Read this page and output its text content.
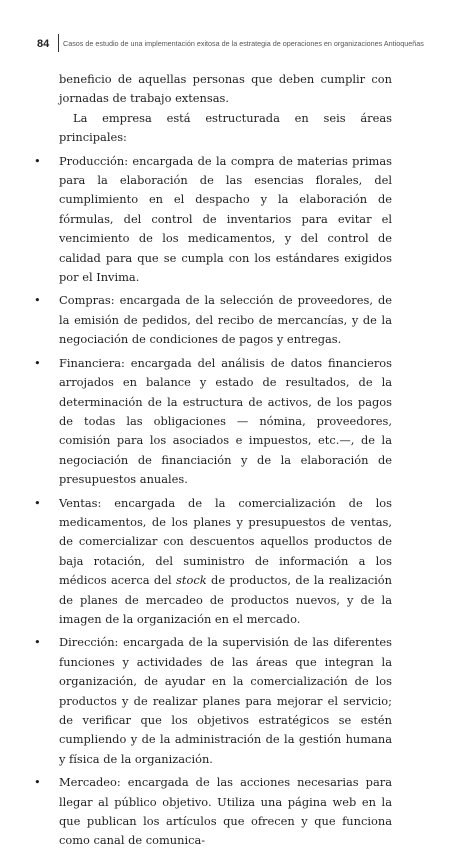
84 Casos de estudio de una implementación exitosa de la estrategia de operaciones en organizaciones Antioqueñas

beneficio de aquellas personas que deben cumplir con jornadas de trabajo extensas.

La empresa está estructurada en seis áreas principales:

• Producción: encargada de la compra de materias primas para la elaboración de las esencias florales, del cumplimiento en el despacho y la elaboración de fórmulas, del control de inventarios para evitar el vencimiento de los medicamentos, y del control de calidad para que se cumpla con los estándares exigidos por el Invima.
• Compras: encargada de la selección de proveedores, de la emisión de pedidos, del recibo de mercancías, y de la negociación de condiciones de pagos y entregas.
• Financiera: encargada del análisis de datos financieros arrojados en balance y estado de resultados, de la determinación de la estructura de activos, de los pagos de todas las obligaciones — nómina, proveedores, comisión para los asociados e impuestos, etc.—, de la negociación de financiación y de la elaboración de presupuestos anuales.
• Ventas: encargada de la comercialización de los medicamentos, de los planes y presupuestos de ventas, de comercializar con descuentos aquellos productos de baja rotación, del suministro de información a los médicos acerca del stock de productos, de la realización de planes de mercadeo de productos nuevos, y de la imagen de la organización en el mercado.
• Dirección: encargada de la supervisión de las diferentes funciones y actividades de las áreas que integran la organización, de ayudar en la comercialización de los productos y de realizar planes para mejorar el servicio; de verificar que los objetivos estratégicos se estén cumpliendo y de la administración de la gestión humana y física de la organización.
• Mercadeo: encargada de las acciones necesarias para llegar al público objetivo. Utiliza una página web en la que publican los artículos que ofrecen y que funciona como canal de comunica-
